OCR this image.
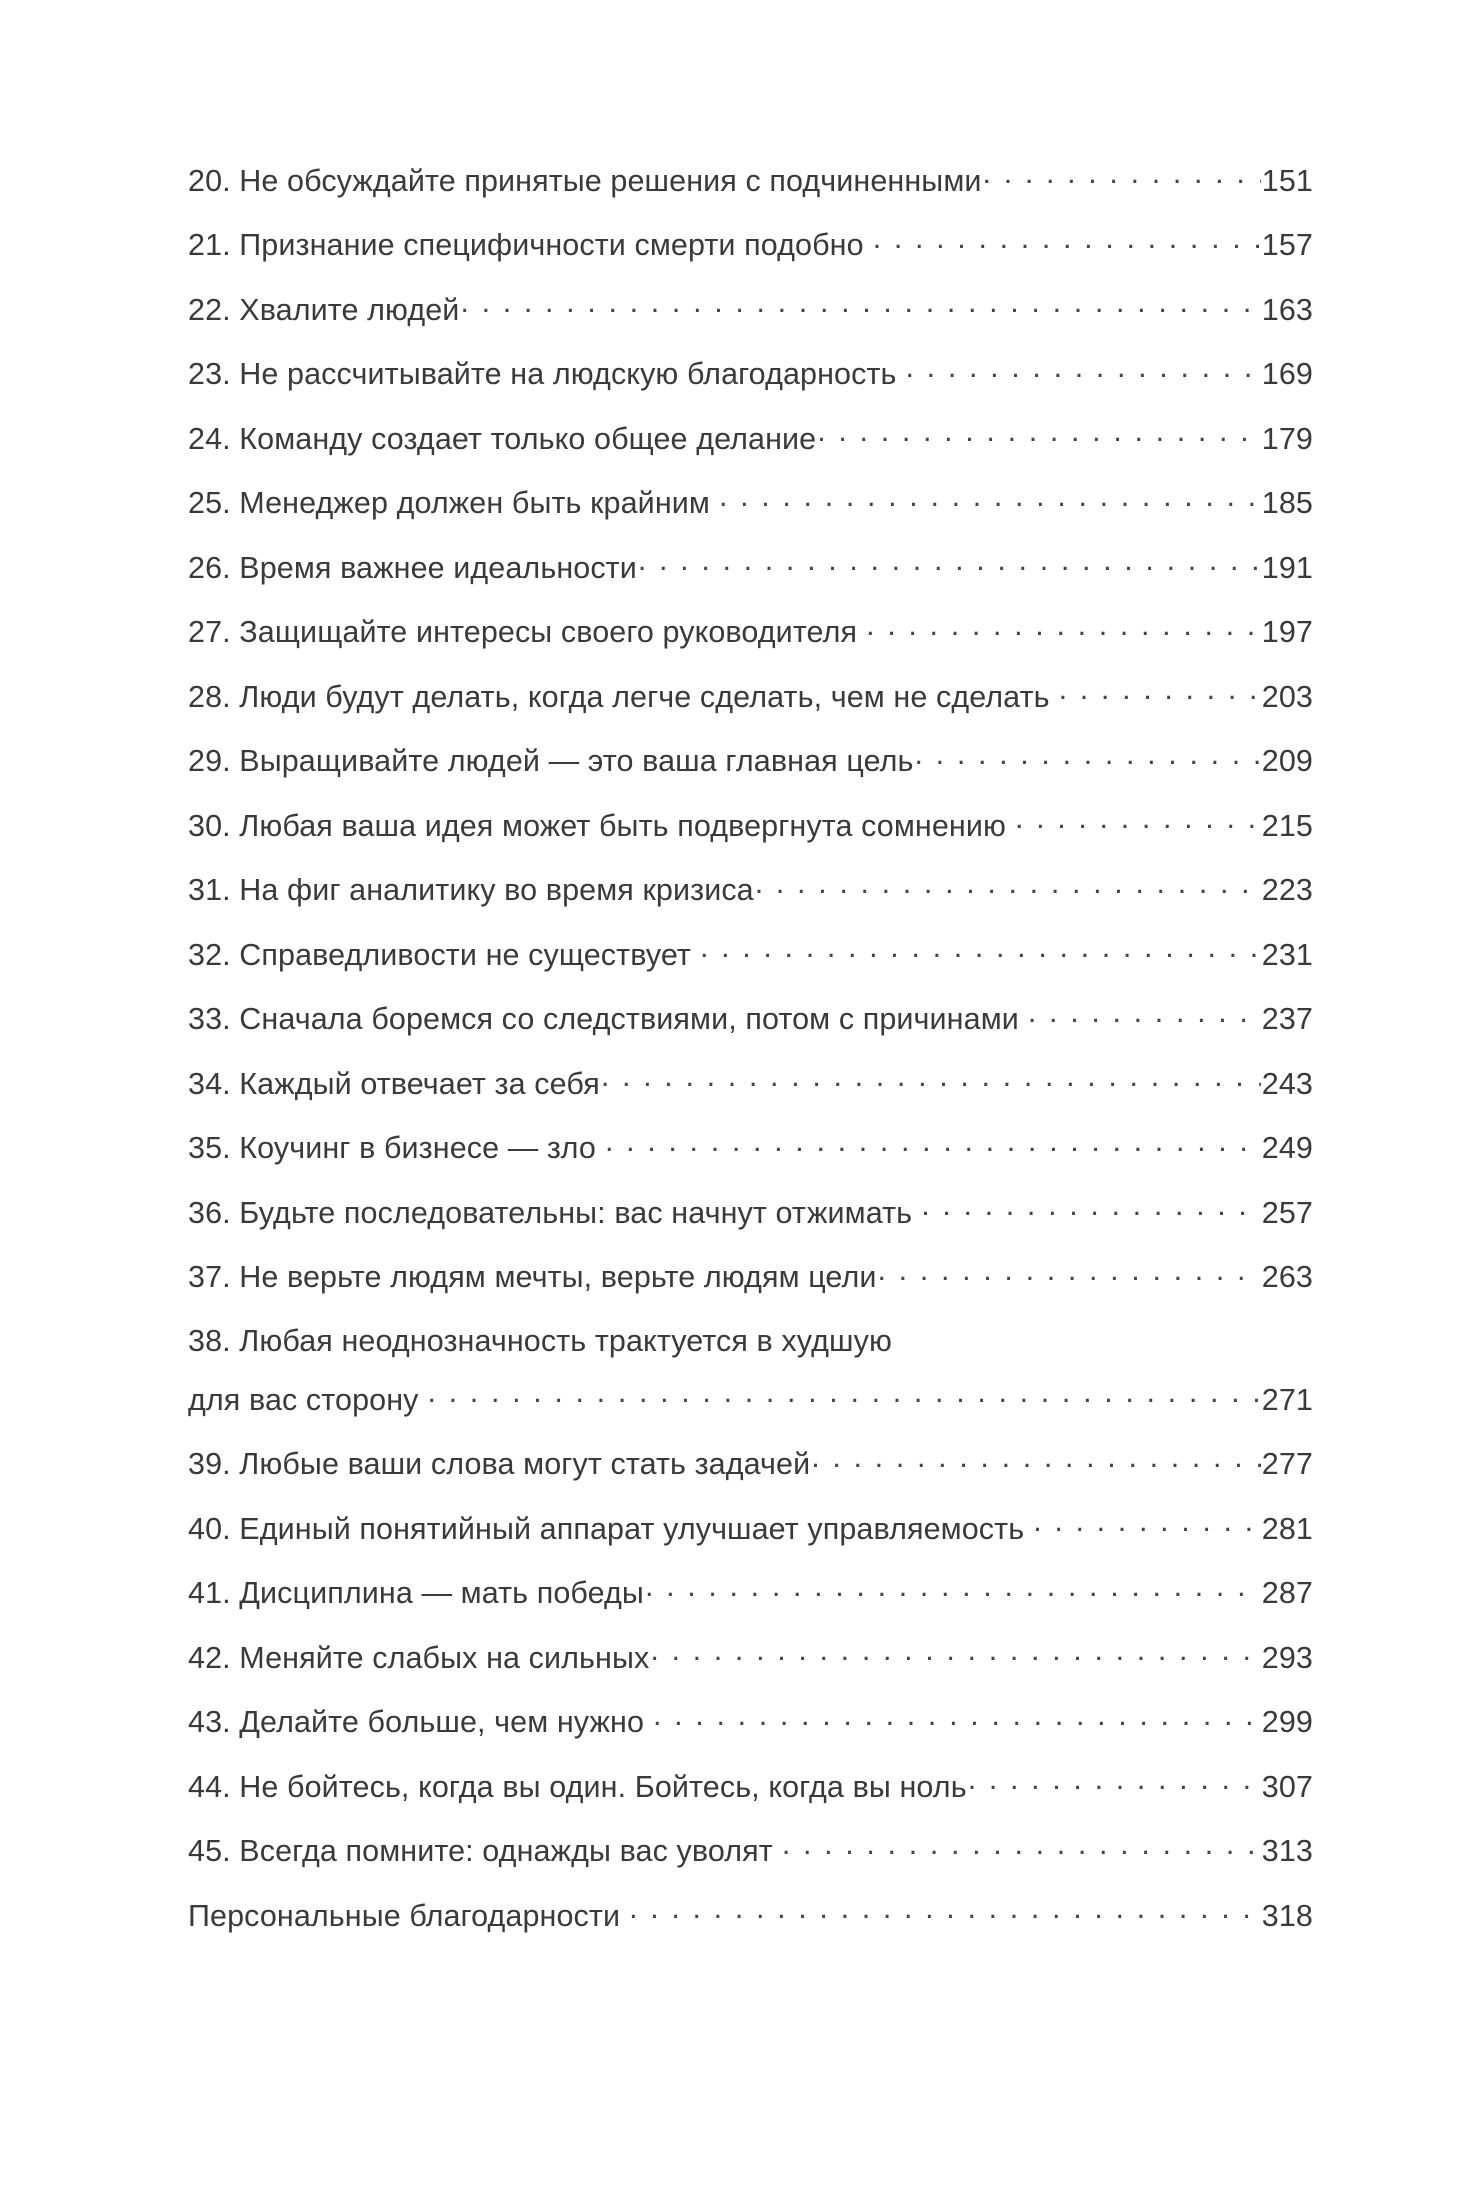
20. Не обсуждайте принятые решения с подчиненными . . .	151
21. Признание специфичности смерти подобно . . .	157
22. Хвалите людей . . .	163
23. Не рассчитывайте на людскую благодарность . . .	169
24. Команду создает только общее делание . . .	179
25. Менеджер должен быть крайним . . .	185
26. Время важнее идеальности . . .	191
27. Защищайте интересы своего руководителя . . .	197
28. Люди будут делать, когда легче сделать, чем не сделать . . .	203
29. Выращивайте людей — это ваша главная цель . . .	209
30. Любая ваша идея может быть подвергнута сомнению . . .	215
31. На фиг аналитику во время кризиса . . .	223
32. Справедливости не существует . . .	231
33. Сначала боремся со следствиями, потом с причинами . . .	237
34. Каждый отвечает за себя . . .	243
35. Коучинг в бизнесе — зло . . .	249
36. Будьте последовательны: вас начнут отжимать . . .	257
37. Не верьте людям мечты, верьте людям цели . . .	263
38. Любая неоднозначность трактуется в худшую
для вас сторону . . .	271
39. Любые ваши слова могут стать задачей . . .	277
40. Единый понятийный аппарат улучшает управляемость . . .	281
41. Дисциплина — мать победы . . .	287
42. Меняйте слабых на сильных . . .	293
43. Делайте больше, чем нужно . . .	299
44. Не бойтесь, когда вы один. Бойтесь, когда вы ноль . . .	307
45. Всегда помните: однажды вас уволят . . .	313
Персональные благодарности . . .	318
